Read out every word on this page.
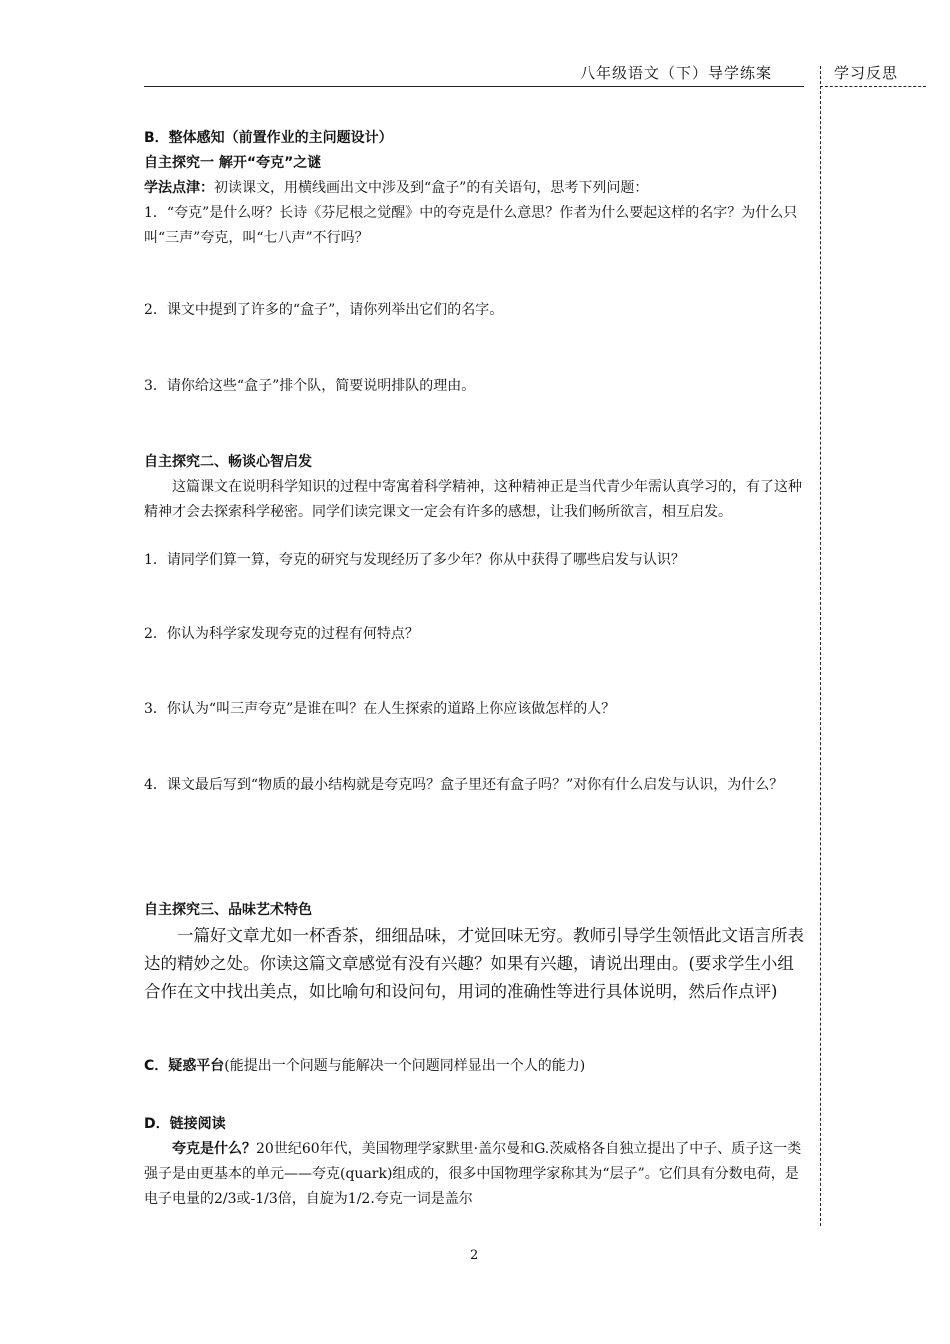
八年级语文（下）导学练案	学习反思
B．整体感知（前置作业的主问题设计）
自主探究一 解开“夸克”之谜
学法点津：初读课文，用横线画出文中涉及到“盒子”的有关语句，思考下列问题：
1．“夸克”是什么呀？长诗《芬尼根之觉醒》中的夸克是什么意思？作者为什么要起这样的名字？为什么只叫“三声”夸克，叫“七八声”不行吗？
2．课文中提到了许多的“盒子”，请你列举出它们的名字。
3．请你给这些“盒子”排个队，简要说明排队的理由。
自主探究二、畅谈心智启发
这篇课文在说明科学知识的过程中寄寓着科学精神，这种精神正是当代青少年需认真学习的，有了这种精神才会去探索科学秘密。同学们读完课文一定会有许多的感想，让我们畅所欲言，相互启发。
1．请同学们算一算，夸克的研究与发现经历了多少年？你从中获得了哪些启发与认识？
2．你认为科学家发现夸克的过程有何特点？
3．你认为“叫三声夸克”是谁在叫？在人生探索的道路上你应该做怎样的人？
4．课文最后写到“物质的最小结构就是夸克吗？盒子里还有盒子吗？”对你有什么启发与认识，为什么？
自主探究三、品味艺术特色
一篇好文章尤如一杯香茶，细细品味，才觉回味无穷。教师引导学生领悟此文语言所表达的精妙之处。你读这篇文章感觉有没有兴趣？如果有兴趣，请说出理由。(要求学生小组合作在文中找出美点，如比喻句和设问句，用词的准确性等进行具体说明，然后作点评)
C．疑惑平台(能提出一个问题与能解决一个问题同样显出一个人的能力)
D．链接阅读
夸克是什么？20世纪60年代，美国物理学家默里·盖尔曼和G.茨威格各自独立提出了中子、质子这一类强子是由更基本的单元——夸克(quark)组成的，很多中国物理学家称其为“层子”。它们具有分数电荷，是电子电量的2/3或-1/3倍，自旋为1/2.夸克一词是盖尔
2
